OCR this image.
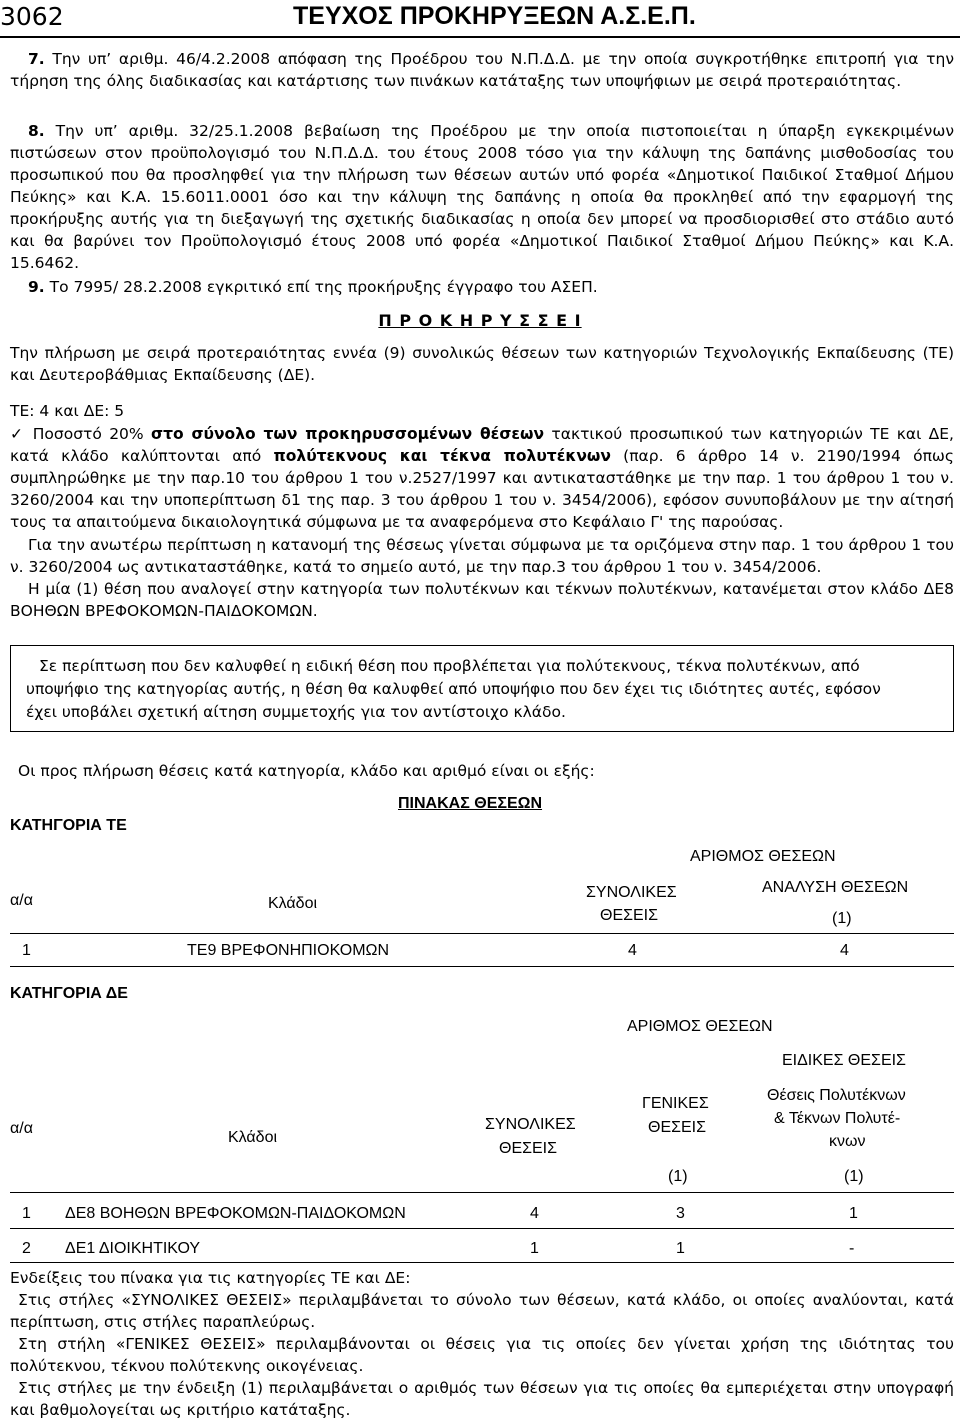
3062	ΤΕΥΧΟΣ ΠΡΟΚΗΡΥΞΕΩΝ Α.Σ.Ε.Π.
7. Την υπ’ αριθμ. 46/4.2.2008 απόφαση της Προέδρου του Ν.Π.Δ.Δ. με την οποία συγκροτήθηκε επιτροπή για την τήρηση της όλης διαδικασίας και κατάρτισης των πινάκων κατάταξης των υποψήφιων με σειρά προτεραιότητας.
8. Την υπ’ αριθμ. 32/25.1.2008 βεβαίωση της Προέδρου με την οποία πιστοποιείται η ύπαρξη εγκεκριμένων πιστώσεων στον προϋπολογισμό του Ν.Π.Δ.Δ. του έτους 2008 τόσο για την κάλυψη της δαπάνης μισθοδοσίας του προσωπικού που θα προσληφθεί για την πλήρωση των θέσεων αυτών υπό φορέα «Δημοτικοί Παιδικοί Σταθμοί Δήμου Πεύκης» και Κ.Α. 15.6011.0001 όσο και την κάλυψη της δαπάνης η οποία θα προκληθεί από την εφαρμογή της προκήρυξης αυτής για τη διεξαγωγή της σχετικής διαδικασίας η οποία δεν μπορεί να προσδιορισθεί στο στάδιο αυτό και θα βαρύνει τον Προϋπολογισμό έτους 2008 υπό φορέα «Δημοτικοί Παιδικοί Σταθμοί Δήμου Πεύκης» και Κ.Α. 15.6462.
9. Το 7995/ 28.2.2008 εγκριτικό επί της προκήρυξης έγγραφο του ΑΣΕΠ.
Π Ρ Ο Κ Η Ρ Υ Σ Σ Ε Ι
Την πλήρωση με σειρά προτεραιότητας εννέα (9) συνολικώς θέσεων των κατηγοριών Τεχνολογικής Εκπαίδευσης (ΤΕ) και Δευτεροβάθμιας Εκπαίδευσης (ΔΕ).
ΤΕ: 4 και ΔΕ: 5
✓ Ποσοστό 20% στο σύνολο των προκηρυσσομένων θέσεων τακτικού προσωπικού των κατηγοριών ΤΕ και ΔΕ, κατά κλάδο καλύπτονται από πολύτεκνους και τέκνα πολυτέκνων (παρ. 6 άρθρο 14 ν. 2190/1994 όπως συμπληρώθηκε με την παρ.10 του άρθρου 1 του ν.2527/1997 και αντικαταστάθηκε με την παρ. 1 του άρθρου 1 του ν. 3260/2004 και την υποπερίπτωση δ1 της παρ. 3 του άρθρου 1 του ν. 3454/2006), εφόσον συνυποβάλουν με την αίτησή τους τα απαιτούμενα δικαιολογητικά σύμφωνα με τα αναφερόμενα στο Κεφάλαιο Γ' της παρούσας.
Για την ανωτέρω περίπτωση η κατανομή της θέσεως γίνεται σύμφωνα με τα οριζόμενα στην παρ. 1 του άρθρου 1 του ν. 3260/2004 ως αντικαταστάθηκε, κατά το σημείο αυτό, με την παρ.3 του άρθρου 1 του ν. 3454/2006.
Η μία (1) θέση που αναλογεί στην κατηγορία των πολυτέκνων και τέκνων πολυτέκνων, κατανέμεται στον κλάδο ΔΕ8 ΒΟΗΘΩΝ ΒΡΕΦΟΚΟΜΩΝ-ΠΑΙΔΟΚΟΜΩΝ.
Σε περίπτωση που δεν καλυφθεί η ειδική θέση που προβλέπεται για πολύτεκνους, τέκνα πολυτέκνων, από
υποψήφιο της κατηγορίας αυτής, η θέση θα καλυφθεί από υποψήφιο που δεν έχει τις ιδιότητες αυτές, εφόσον
έχει υποβάλει σχετική αίτηση συμμετοχής για τον αντίστοιχο κλάδο.
Οι προς πλήρωση θέσεις κατά κατηγορία, κλάδο και αριθμό είναι οι εξής:
ΠΙΝΑΚΑΣ ΘΕΣΕΩΝ
ΚΑΤΗΓΟΡΙΑ ΤΕ
ΑΡΙΘΜΟΣ ΘΕΣΕΩΝ
α/α	Κλάδοι
ΣΥΝΟΛΙΚΕΣ
ΘΕΣΕΙΣ
ΑΝΑΛΥΣΗ ΘΕΣΕΩΝ
(1)
1	ΤΕ9 ΒΡΕΦΟΝΗΠΙΟΚΟΜΩΝ	4	4
ΚΑΤΗΓΟΡΙΑ ΔΕ
ΑΡΙΘΜΟΣ ΘΕΣΕΩΝ
ΕΙΔΙΚΕΣ ΘΕΣΕΙΣ
ΓΕΝΙΚΕΣ
ΘΕΣΕΙΣ
Θέσεις Πολυτέκνων
& Τέκνων Πολυτέ-
κνων
α/α
Κλάδοι
ΣΥΝΟΛΙΚΕΣ
ΘΕΣΕΙΣ
(1)	(1)
1 ΔΕ8 ΒΟΗΘΩΝ ΒΡΕΦΟΚΟΜΩΝ-ΠΑΙΔΟΚΟΜΩΝ	4	3	1
2 ΔΕ1 ΔΙΟΙΚΗΤΙΚΟΥ	1	1	-
Ενδείξεις του πίνακα για τις κατηγορίες ΤΕ και ΔΕ:
Στις στήλες «ΣΥΝΟΛΙΚΕΣ ΘΕΣΕΙΣ» περιλαμβάνεται το σύνολο των θέσεων, κατά κλάδο, οι οποίες αναλύονται, κατά περίπτωση, στις στήλες παραπλεύρως.
Στη στήλη «ΓΕΝΙΚΕΣ ΘΕΣΕΙΣ» περιλαμβάνονται οι θέσεις για τις οποίες δεν γίνεται χρήση της ιδιότητας του πολύτεκνου, τέκνου πολύτεκνης οικογένειας.
Στις στήλες με την ένδειξη (1) περιλαμβάνεται ο αριθμός των θέσεων για τις οποίες θα εμπεριέχεται στην υπογραφή και βαθμολογείται ως κριτήριο κατάταξης.
